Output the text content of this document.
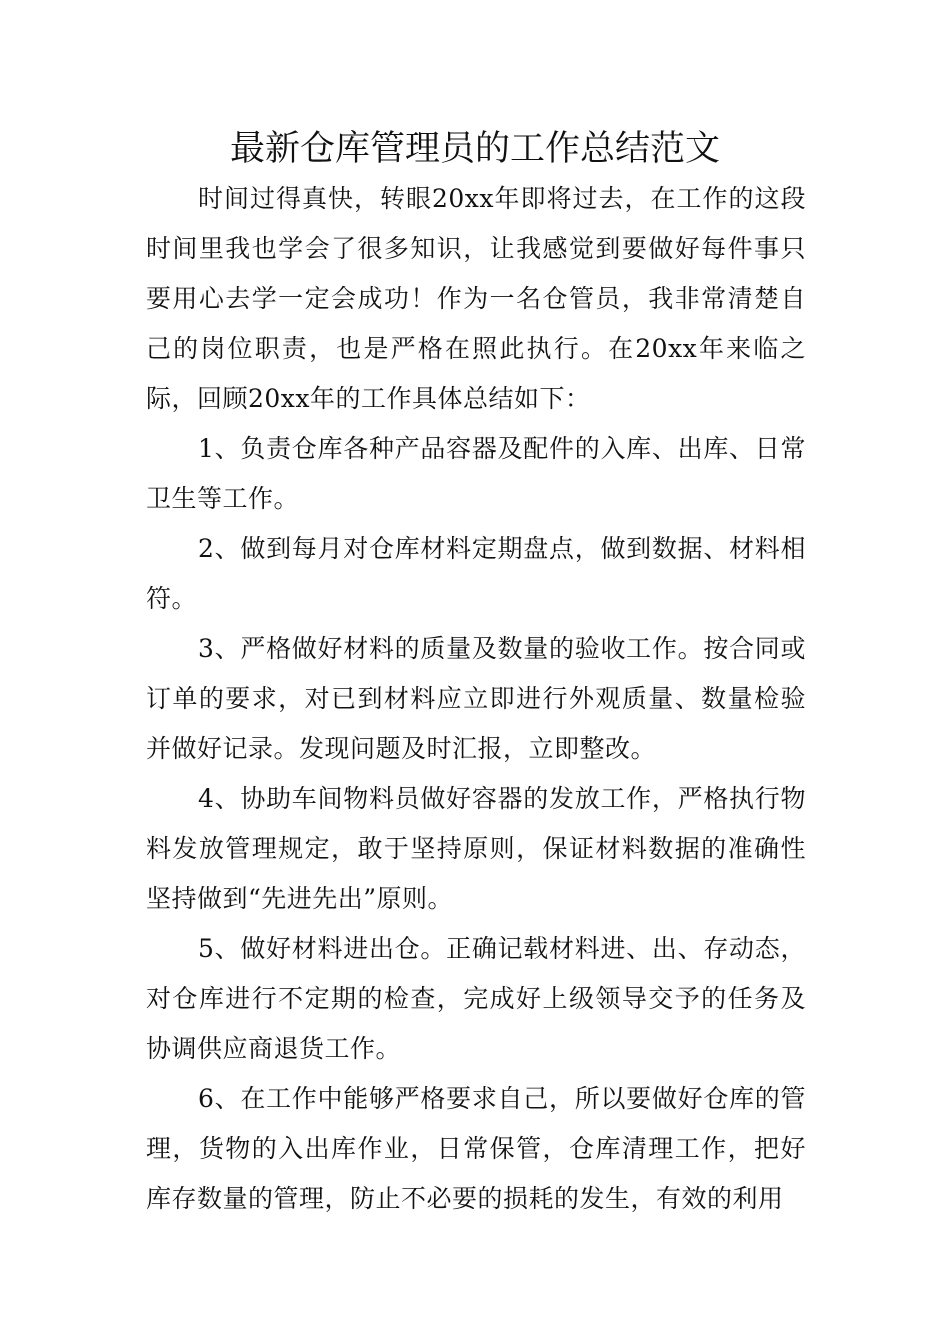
最新仓库管理员的工作总结范文

时间过得真快，转眼20xx年即将过去，在工作的这段时间里我也学会了很多知识，让我感觉到要做好每件事只要用心去学一定会成功！作为一名仓管员，我非常清楚自己的岗位职责，也是严格在照此执行。在20xx年来临之际，回顾20xx年的工作具体总结如下：

1、负责仓库各种产品容器及配件的入库、出库、日常卫生等工作。

2、做到每月对仓库材料定期盘点，做到数据、材料相符。

3、严格做好材料的质量及数量的验收工作。按合同或订单的要求，对已到材料应立即进行外观质量、数量检验并做好记录。发现问题及时汇报，立即整改。

4、协助车间物料员做好容器的发放工作，严格执行物料发放管理规定，敢于坚持原则，保证材料数据的准确性坚持做到“先进先出”原则。

5、做好材料进出仓。正确记载材料进、出、存动态，对仓库进行不定期的检查，完成好上级领导交予的任务及协调供应商退货工作。

6、在工作中能够严格要求自己，所以要做好仓库的管理，货物的入出库作业，日常保管，仓库清理工作，把好库存数量的管理，防止不必要的损耗的发生，有效的利用
